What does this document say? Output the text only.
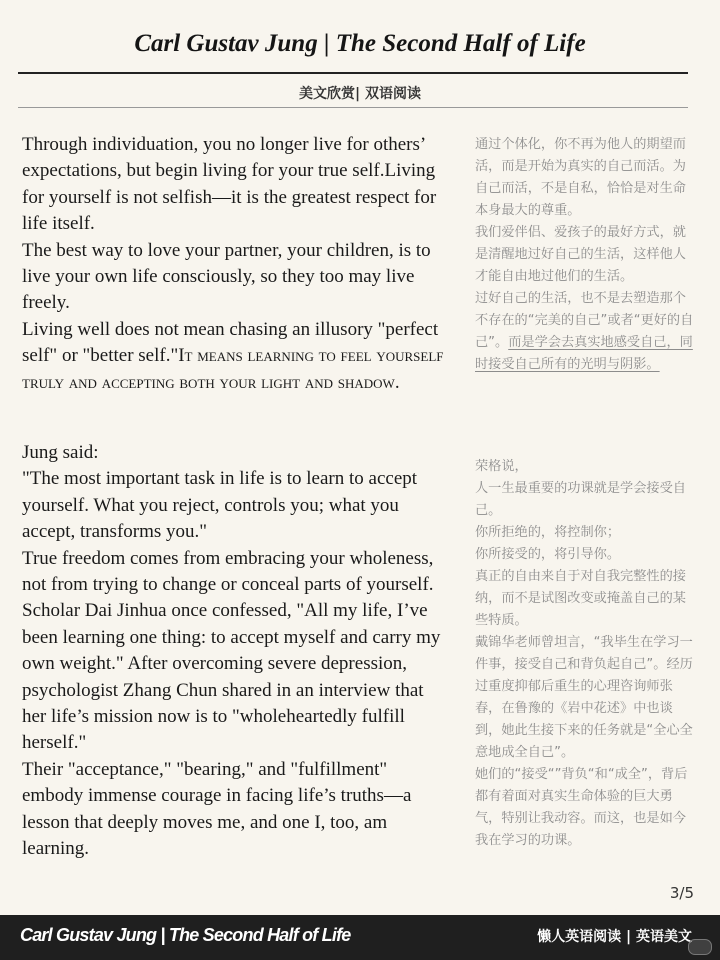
Carl Gustav Jung | The Second Half of Life
美文欣赏| 双语阅读

Through individuation, you no longer live for others’ expectations, but begin living for your true self.Living for yourself is not selfish—it is the greatest respect for life itself.

The best way to love your partner, your children, is to live your own life consciously, so they too may live freely.

Living well does not mean chasing an illusory "perfect self" or "better self."It means learning to feel yourself truly and accepting both your light and shadow.

Jung said:

"The most important task in life is to learn to accept yourself. What you reject, controls you; what you accept, transforms you."

True freedom comes from embracing your wholeness, not from trying to change or conceal parts of yourself.

Scholar Dai Jinhua once confessed, "All my life, I’ve been learning one thing: to accept myself and carry my own weight." After overcoming severe depression, psychologist Zhang Chun shared in an interview that her life’s mission now is to "wholeheartedly fulfill herself."

Their "acceptance," "bearing," and "fulfillment" embody immense courage in facing life’s truths—a lesson that deeply moves me, and one I, too, am learning.

通过个体化，你不再为他人的期望而活，而是开始为真实的自己而活。为自己而活，不是自私，恰恰是对生命本身最大的尊重。

我们爱伴侣、爱孩子的最好方式，就是清醒地过好自己的生活，这样他人才能自由地过他们的生活。

过好自己的生活，也不是去塑造那个不存在的“完美的自己”或者“更好的自己”。而是学会去真实地感受自己，同时接受自己所有的光明与阴影。

荣格说，

人一生最重要的功课就是学会接受自己。

你所拒绝的，将控制你；

你所接受的，将引导你。

真正的自由来自于对自我完整性的接纳，而不是试图改变或掩盖自己的某些特质。

戴锦华老师曾坦言，“我毕生在学习一件事，接受自己和背负起自己”。经历过重度抑郁后重生的心理咨询师张春，在鲁豫的《岩中花述》中也谈到，她此生接下来的任务就是“全心全意地成全自己”。

她们的“接受“”背负“和“成全”，背后都有着面对真实生命体验的巨大勇气，特别让我动容。而这，也是如今我在学习的功课。

3/5
Carl Gustav Jung | The Second Half of Life	懒人英语阅读 | 英语美文
